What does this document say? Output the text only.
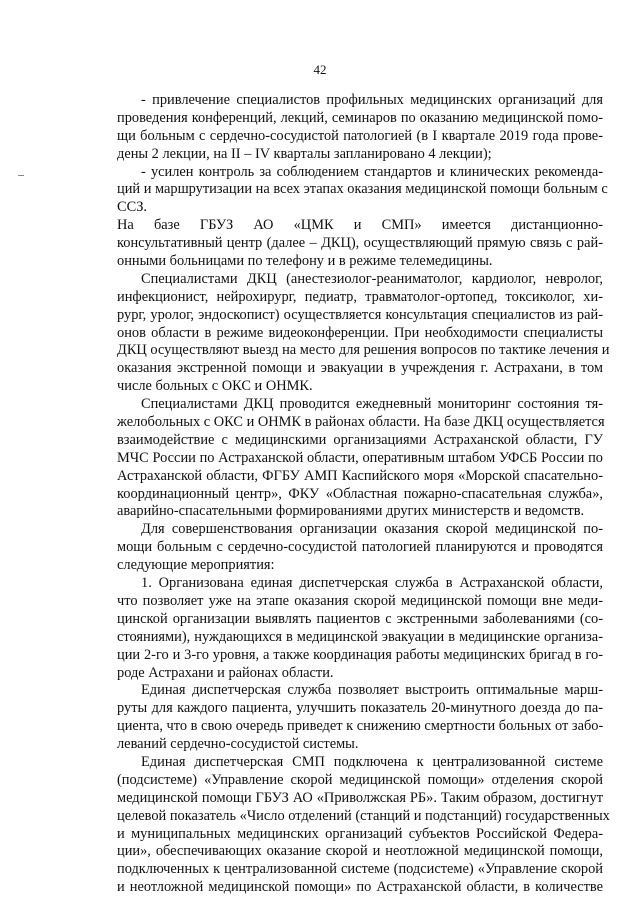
42
- привлечение специалистов профильных медицинских организаций для
проведения конференций, лекций, семинаров по оказанию медицинской помо-
щи больным с сердечно-сосудистой патологией (в I квартале 2019 года прове-
дены 2 лекции, на II – IV кварталы запланировано 4 лекции);
- усилен контроль за соблюдением стандартов и клинических рекоменда-
ций и маршрутизации на всех этапах оказания медицинской помощи больным с
ССЗ.
На базе ГБУЗ АО «ЦМК и СМП» имеется дистанционно-
консультативный центр (далее – ДКЦ), осуществляющий прямую связь с рай-
онными больницами по телефону и в режиме телемедицины.
Специалистами ДКЦ (анестезиолог-реаниматолог, кардиолог, невролог,
инфекционист, нейрохирург, педиатр, травматолог-ортопед, токсиколог, хи-
рург, уролог, эндоскопист) осуществляется консультация специалистов из рай-
онов области в режиме видеоконференции. При необходимости специалисты
ДКЦ осуществляют выезд на место для решения вопросов по тактике лечения и
оказания экстренной помощи и эвакуации в учреждения г. Астрахани, в том
числе больных с ОКС и ОНМК.
Специалистами ДКЦ проводится ежедневный мониторинг состояния тя-
желобольных с ОКС и ОНМК в районах области. На базе ДКЦ осуществляется
взаимодействие с медицинскими организациями Астраханской области, ГУ
МЧС России по Астраханской области, оперативным штабом УФСБ России по
Астраханской области, ФГБУ АМП Каспийского моря «Морской спасательно-
координационный центр», ФКУ «Областная пожарно-спасательная служба»,
аварийно-спасательными формированиями других министерств и ведомств.
Для совершенствования организации оказания скорой медицинской по-
мощи больным с сердечно-сосудистой патологией планируются и проводятся
следующие мероприятия:
1. Организована единая диспетчерская служба в Астраханской области,
что позволяет уже на этапе оказания скорой медицинской помощи вне меди-
цинской организации выявлять пациентов с экстренными заболеваниями (со-
стояниями), нуждающихся в медицинской эвакуации в медицинские организа-
ции 2-го и 3-го уровня, а также координация работы медицинских бригад в го-
роде Астрахани и районах области.
Единая диспетчерская служба позволяет выстроить оптимальные марш-
руты для каждого пациента, улучшить показатель 20-минутного доезда до па-
циента, что в свою очередь приведет к снижению смертности больных от забо-
леваний сердечно-сосудистой системы.
Единая диспетчерская СМП подключена к централизованной системе
(подсистеме) «Управление скорой медицинской помощи» отделения скорой
медицинской помощи ГБУЗ АО «Приволжская РБ». Таким образом, достигнут
целевой показатель «Число отделений (станций и подстанций) государственных
и муниципальных медицинских организаций субъектов Российской Федера-
ции», обеспечивающих оказание скорой и неотложной медицинской помощи,
подключенных к централизованной системе (подсистеме) «Управление скорой
и неотложной медицинской помощи» по Астраханской области, в количестве
